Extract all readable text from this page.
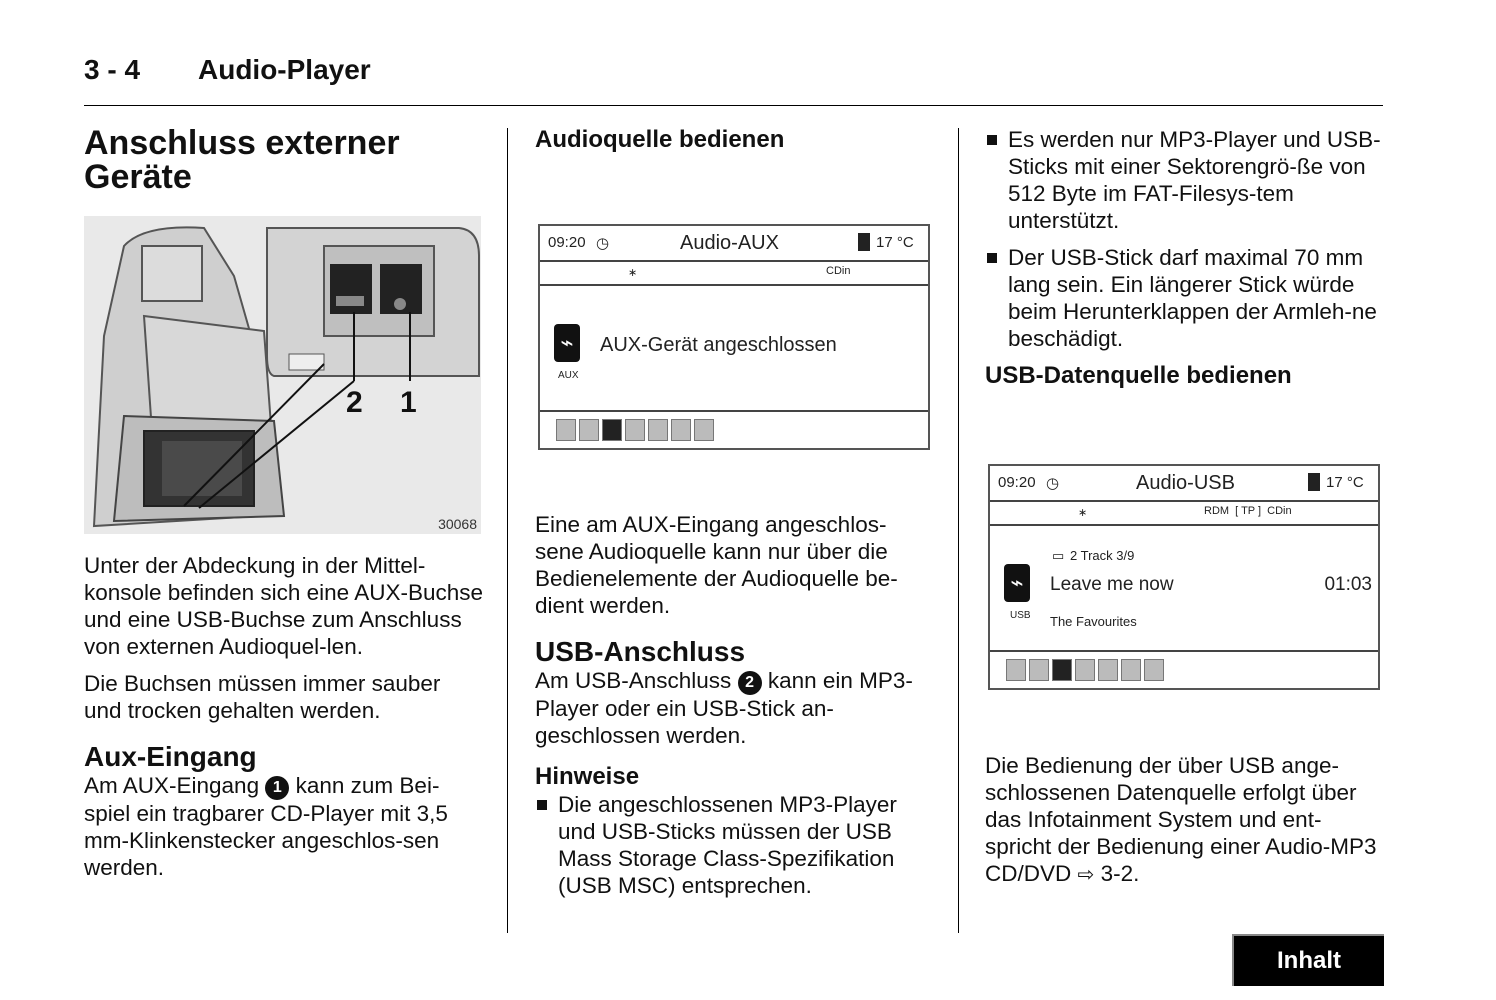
3 - 4 Audio-Player
Anschluss externer
Geräte
2 1
30068

Unter der Abdeckung in der Mittel-konsole befinden sich eine AUX-Buchse und eine USB-Buchse zum Anschluss von externen Audioquel-len.

Die Buchsen müssen immer sauber und trocken gehalten werden.

Aux-Eingang

Am AUX-Eingang 1 kann zum Bei-spiel ein tragbarer CD-Player mit 3,5 mm-Klinkenstecker angeschlos-sen werden.

Audioquelle bedienen
09:20 ◷	Audio-AUX	17 °C
∗	CDin
⌁
AUX
AUX-Gerät angeschlossen

Eine am AUX-Eingang angeschlos-sene Audioquelle kann nur über die Bedienelemente der Audioquelle be-dient werden.

USB-Anschluss

Am USB-Anschluss 2 kann ein MP3-Player oder ein USB-Stick an-geschlossen werden.

Hinweise
Die angeschlossenen MP3-Player und USB-Sticks müssen der USB Mass Storage Class-Spezifikation (USB MSC) entsprechen.
Es werden nur MP3-Player und USB-Sticks mit einer Sektorengrö-ße von 512 Byte im FAT-Filesys-tem unterstützt.
Der USB-Stick darf maximal 70 mm lang sein. Ein längerer Stick würde beim Herunterklappen der Armleh-ne beschädigt.
USB-Datenquelle bedienen
09:20 ◷	Audio-USB	17 °C
∗	RDM  [ TP ]  CDin
▭ 2 Track 3/9
⌁
USB
Leave me now	01:03
The Favourites

Die Bedienung der über USB ange-schlossenen Datenquelle erfolgt über das Infotainment System und ent-spricht der Bedienung einer Audio-MP3 CD/DVD ⇨ 3-2.

Inhalt
